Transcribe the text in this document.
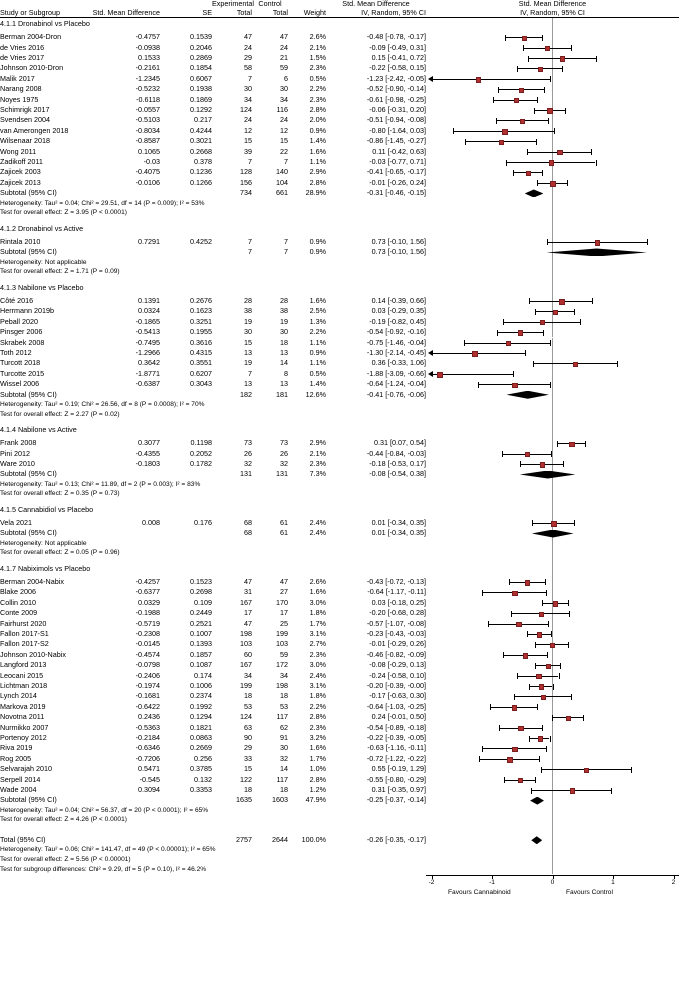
			Experimental	Control		Std. Mean Difference	Std. Mean Difference
Study or Subgroup	Std. Mean Difference	SE	Total	Total	Weight	IV, Random, 95% CI	IV, Random, 95% CI
4.1.1 Dronabinol vs Placebo							

Berman 2004-Dron	-0.4757	0.1539	47	47	2.6%	-0.48 [-0.78, -0.17]	

de Vries 2016	-0.0938	0.2046	24	24	2.1%	-0.09 [-0.49, 0.31]	

de Vries 2017	0.1533	0.2869	29	21	1.5%	0.15 [-0.41, 0.72]	

Johnson 2010-Dron	-0.2161	0.1854	58	59	2.3%	-0.22 [-0.58, 0.15]	

Malik 2017	-1.2345	0.6067	7	6	0.5%	-1.23 [-2.42, -0.05]	

Narang 2008	-0.5232	0.1938	30	30	2.2%	-0.52 [-0.90, -0.14]	

Noyes 1975	-0.6118	0.1869	34	34	2.3%	-0.61 [-0.98, -0.25]	

Schimrigk 2017	-0.0557	0.1292	124	116	2.8%	-0.06 [-0.31, 0.20]	

Svendsen 2004	-0.5103	0.217	24	24	2.0%	-0.51 [-0.94, -0.08]	

van Amerongen 2018	-0.8034	0.4244	12	12	0.9%	-0.80 [-1.64, 0.03]	

Wilsenaar 2018	-0.8587	0.3021	15	15	1.4%	-0.86 [-1.45, -0.27]	

Wong 2011	0.1065	0.2668	39	22	1.6%	0.11 [-0.42, 0.63]	

Zadikoff 2011	-0.03	0.378	7	7	1.1%	-0.03 [-0.77, 0.71]	

Zajicek 2003	-0.4075	0.1236	128	140	2.9%	-0.41 [-0.65, -0.17]	

Zajicek 2013	-0.0106	0.1266	156	104	2.8%	-0.01 [-0.26, 0.24]	

Subtotal (95% CI)			734	661	28.9%	-0.31 [-0.46, -0.15]	

Heterogeneity: Tau² = 0.04; Chi² = 29.51, df = 14 (P = 0.009); I² = 53%							

Test for overall effect: Z = 3.95 (P < 0.0001)							

4.1.2 Dronabinol vs Active							

Rintala 2010	0.7291	0.4252	7	7	0.9%	0.73 [-0.10, 1.56]	

Subtotal (95% CI)			7	7	0.9%	0.73 [-0.10, 1.56]	

Heterogeneity: Not applicable							

Test for overall effect: Z = 1.71 (P = 0.09)							

4.1.3 Nabilone vs Placebo							

Côté 2016	0.1391	0.2676	28	28	1.6%	0.14 [-0.39, 0.66]	

Herrmann 2019b	0.0324	0.1623	38	38	2.5%	0.03 [-0.29, 0.35]	

Peball 2020	-0.1865	0.3251	19	19	1.3%	-0.19 [-0.82, 0.45]	

Pinsger 2006	-0.5413	0.1955	30	30	2.2%	-0.54 [-0.92, -0.16]	

Skrabek 2008	-0.7495	0.3616	15	18	1.1%	-0.75 [-1.46, -0.04]	

Toth 2012	-1.2966	0.4315	13	13	0.9%	-1.30 [-2.14, -0.45]	

Turcott 2018	0.3642	0.3551	19	14	1.1%	0.36 [-0.33, 1.06]	

Turcotte 2015	-1.8771	0.6207	7	8	0.5%	-1.88 [-3.09, -0.66]	

Wissel 2006	-0.6387	0.3043	13	13	1.4%	-0.64 [-1.24, -0.04]	

Subtotal (95% CI)			182	181	12.6%	-0.41 [-0.76, -0.06]	

Heterogeneity: Tau² = 0.19; Chi² = 26.56, df = 8 (P = 0.0008); I² = 70%							

Test for overall effect: Z = 2.27 (P = 0.02)							

4.1.4 Nabilone vs Active							

Frank 2008	0.3077	0.1198	73	73	2.9%	0.31 [0.07, 0.54]	

Pini 2012	-0.4355	0.2052	26	26	2.1%	-0.44 [-0.84, -0.03]	

Ware 2010	-0.1803	0.1782	32	32	2.3%	-0.18 [-0.53, 0.17]	

Subtotal (95% CI)			131	131	7.3%	-0.08 [-0.54, 0.38]	

Heterogeneity: Tau² = 0.13; Chi² = 11.89, df = 2 (P = 0.003); I² = 83%							

Test for overall effect: Z = 0.35 (P = 0.73)							

4.1.5 Cannabidiol vs Placebo							

Vela 2021	0.008	0.176	68	61	2.4%	0.01 [-0.34, 0.35]	

Subtotal (95% CI)			68	61	2.4%	0.01 [-0.34, 0.35]	

Heterogeneity: Not applicable							

Test for overall effect: Z = 0.05 (P = 0.96)							

4.1.7 Nabiximols vs Placebo							

Berman 2004-Nabix	-0.4257	0.1523	47	47	2.6%	-0.43 [-0.72, -0.13]	

Blake 2006	-0.6377	0.2698	31	27	1.6%	-0.64 [-1.17, -0.11]	

Collin 2010	0.0329	0.109	167	170	3.0%	0.03 [-0.18, 0.25]	

Conte 2009	-0.1988	0.2449	17	17	1.8%	-0.20 [-0.68, 0.28]	

Fairhurst 2020	-0.5719	0.2521	47	25	1.7%	-0.57 [-1.07, -0.08]	

Fallon 2017-S1	-0.2308	0.1007	198	199	3.1%	-0.23 [-0.43, -0.03]	

Fallon 2017-S2	-0.0145	0.1393	103	103	2.7%	-0.01 [-0.29, 0.26]	

Johnson 2010-Nabix	-0.4574	0.1857	60	59	2.3%	-0.46 [-0.82, -0.09]	

Langford 2013	-0.0798	0.1087	167	172	3.0%	-0.08 [-0.29, 0.13]	

Leocani 2015	-0.2406	0.174	34	34	2.4%	-0.24 [-0.58, 0.10]	

Lichtman 2018	-0.1974	0.1006	199	198	3.1%	-0.20 [-0.39, -0.00]	

Lynch 2014	-0.1681	0.2374	18	18	1.8%	-0.17 [-0.63, 0.30]	

Markova 2019	-0.6422	0.1992	53	53	2.2%	-0.64 [-1.03, -0.25]	

Novotna 2011	0.2436	0.1294	124	117	2.8%	0.24 [-0.01, 0.50]	

Nurmikko 2007	-0.5363	0.1821	63	62	2.3%	-0.54 [-0.89, -0.18]	

Portenoy 2012	-0.2184	0.0863	90	91	3.2%	-0.22 [-0.39, -0.05]	

Riva 2019	-0.6346	0.2669	29	30	1.6%	-0.63 [-1.16, -0.11]	

Rog 2005	-0.7206	0.256	33	32	1.7%	-0.72 [-1.22, -0.22]	

Selvarajah 2010	0.5471	0.3785	15	14	1.0%	0.55 [-0.19, 1.29]	

Serpell 2014	-0.545	0.132	122	117	2.8%	-0.55 [-0.80, -0.29]	

Wade 2004	0.3094	0.3353	18	18	1.2%	0.31 [-0.35, 0.97]	

Subtotal (95% CI)			1635	1603	47.9%	-0.25 [-0.37, -0.14]	

Heterogeneity: Tau² = 0.04; Chi² = 56.37, df = 20 (P < 0.0001); I² = 65%							

Test for overall effect: Z = 4.26 (P < 0.0001)							

Total (95% CI)			2757	2644	100.0%	-0.26 [-0.35, -0.17]	

Heterogeneity: Tau² = 0.06; Chi² = 141.47, df = 49 (P < 0.00001); I² = 65%							

Test for overall effect: Z = 5.56 (P < 0.00001)							

Test for subgroup differences: Chi² = 9.29, df = 5 (P = 0.10), I² = 46.2%							
-2	-1	0	1	2
Favours Cannabinoid	Favours Control
